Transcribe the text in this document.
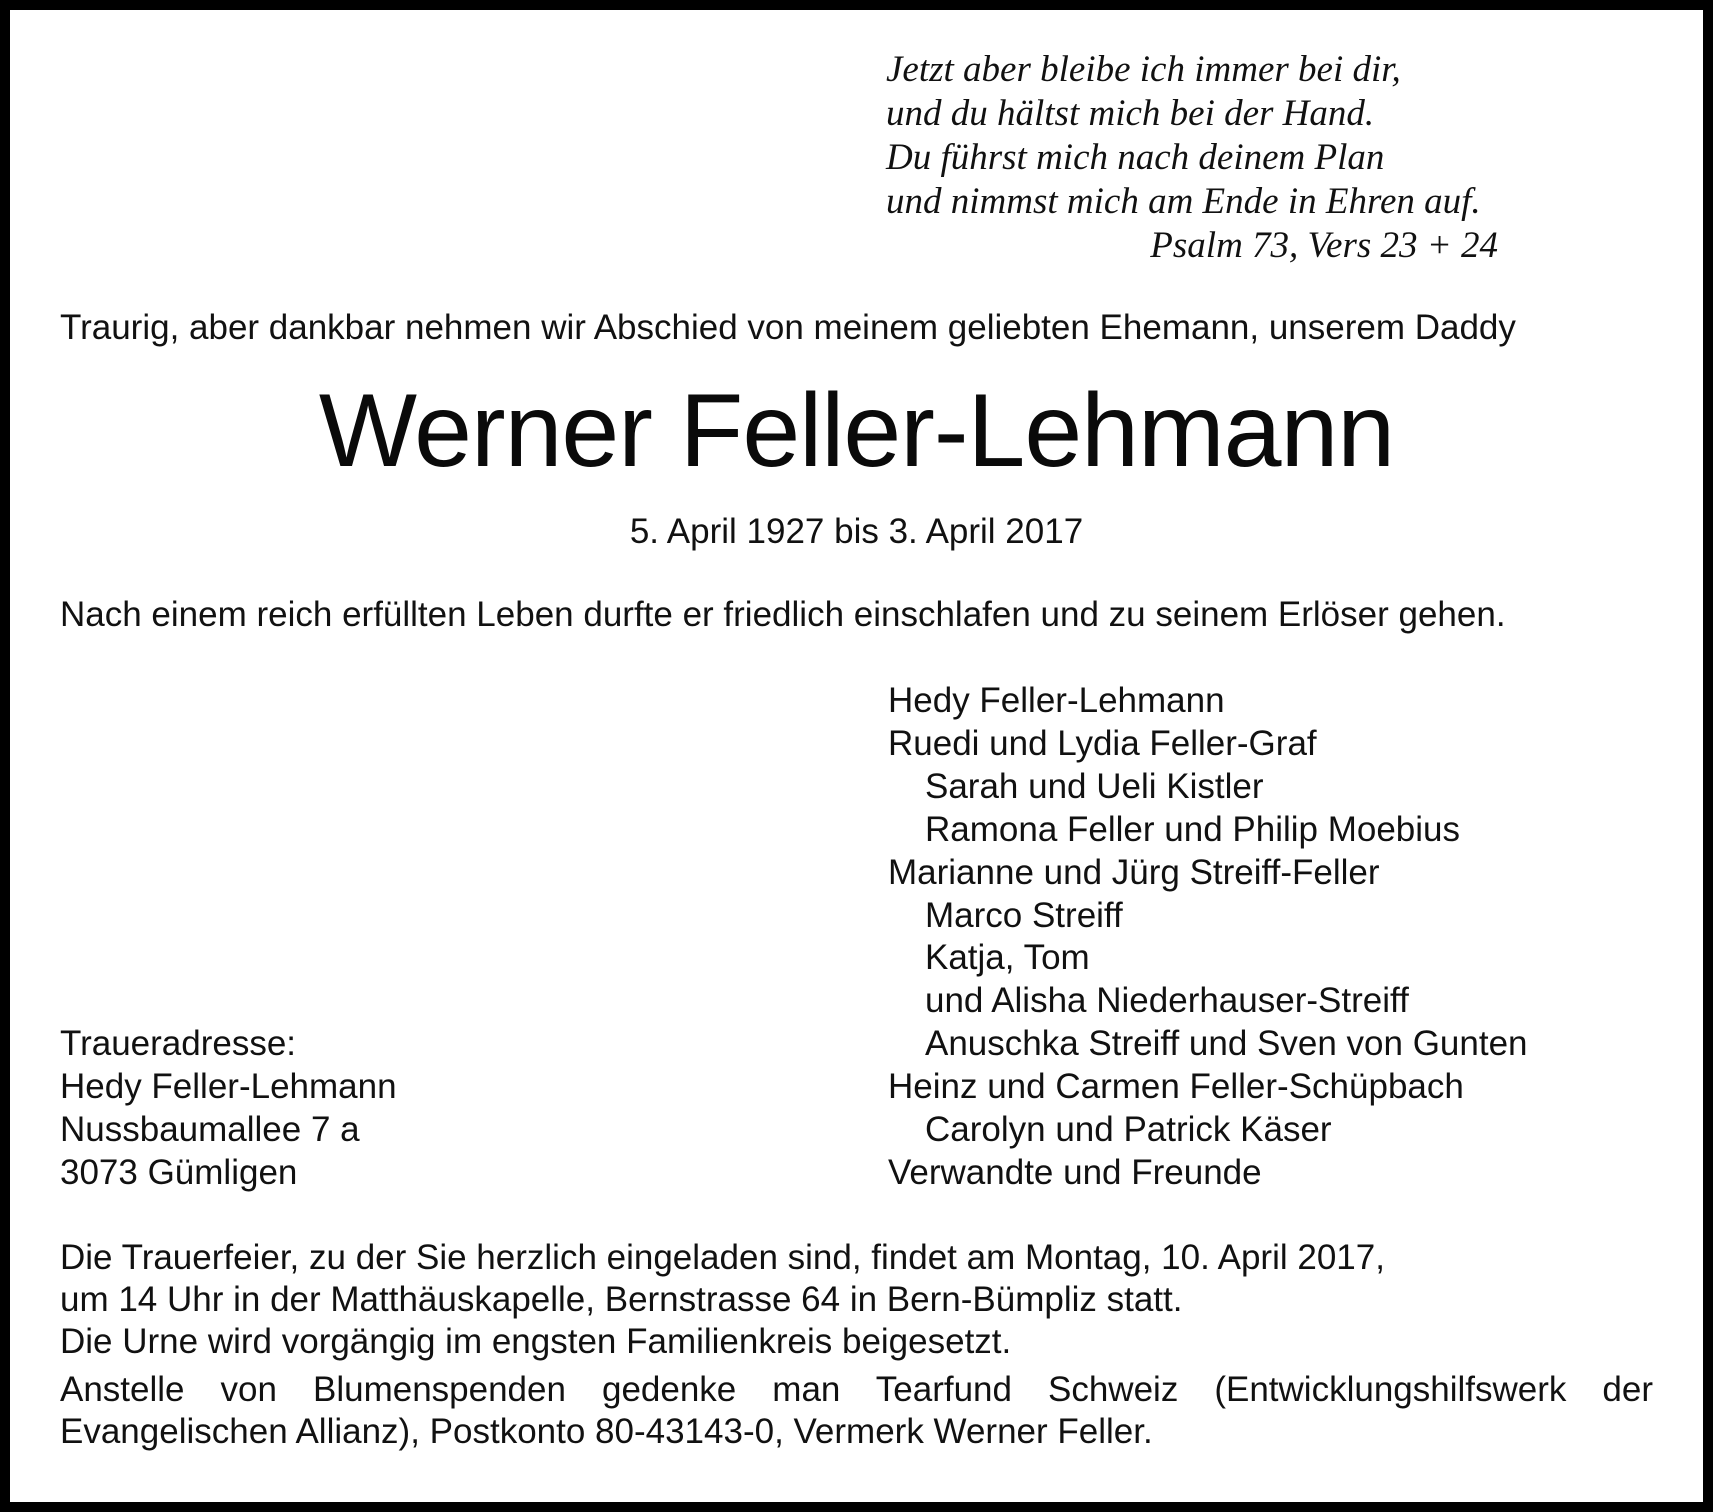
Jetzt aber bleibe ich immer bei dir,
und du hältst mich bei der Hand.
Du führst mich nach deinem Plan
und nimmst mich am Ende in Ehren auf.
Psalm 73, Vers 23 + 24
Traurig, aber dankbar nehmen wir Abschied von meinem geliebten Ehemann, unserem Daddy
Werner Feller-Lehmann
5. April 1927 bis 3. April 2017
Nach einem reich erfüllten Leben durfte er friedlich einschlafen und zu seinem Erlöser gehen.
Hedy Feller-Lehmann
Ruedi und Lydia Feller-Graf
Sarah und Ueli Kistler
Ramona Feller und Philip Moebius
Marianne und Jürg Streiff-Feller
Marco Streiff
Katja, Tom
und Alisha Niederhauser-Streiff
Anuschka Streiff und Sven von Gunten
Heinz und Carmen Feller-Schüpbach
Carolyn und Patrick Käser
Verwandte und Freunde
Traueradresse:
Hedy Feller-Lehmann
Nussbaumallee 7 a
3073 Gümligen

Die Trauerfeier, zu der Sie herzlich eingeladen sind, findet am Montag, 10. April 2017,

um 14 Uhr in der Matthäuskapelle, Bernstrasse 64 in Bern-Bümpliz statt.

Die Urne wird vorgängig im engsten Familienkreis beigesetzt.

Anstelle von Blumenspenden gedenke man Tearfund Schweiz (Entwicklungshilfswerk der Evangelischen Allianz), Postkonto 80-43143-0, Vermerk Werner Feller.
